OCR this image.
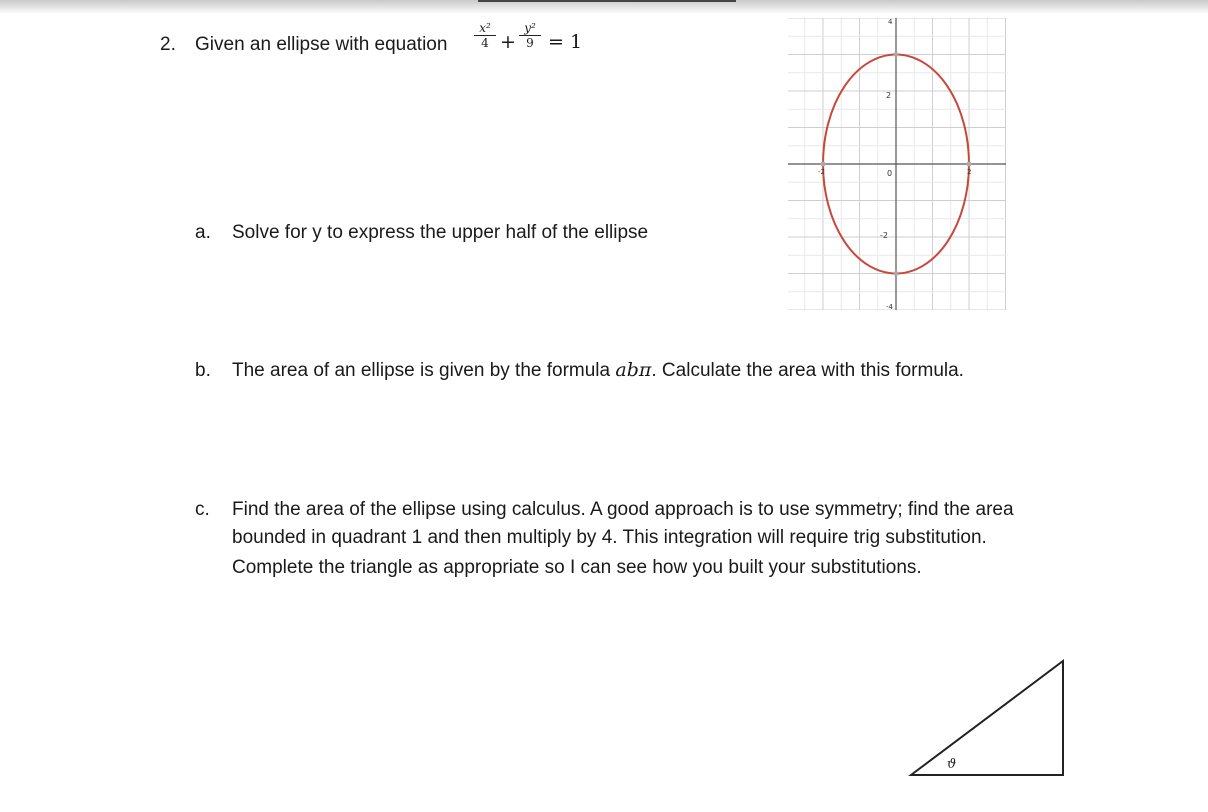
2. Given an ellipse with equation
x²
4 +
y²
9 = 1
4
2
-2
-4
0
-2	2
a. Solve for y to express the upper half of the ellipse
b. The area of an ellipse is given by the formula abπ. Calculate the area with this formula.
c. Find the area of the ellipse using calculus. A good approach is to use symmetry; find the area
bounded in quadrant 1 and then multiply by 4. This integration will require trig substitution.
Complete the triangle as appropriate so I can see how you built your substitutions.
ϑ
